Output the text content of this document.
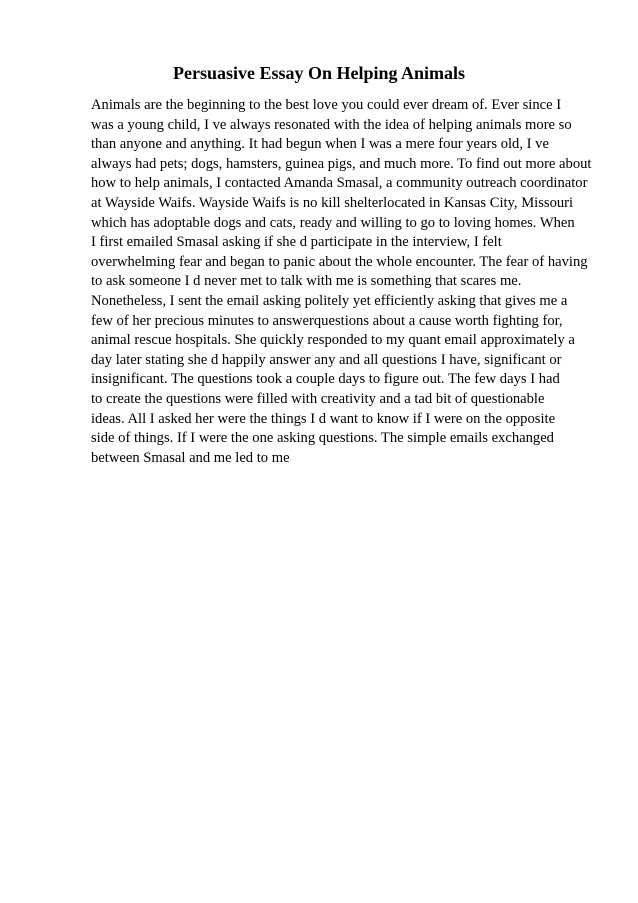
Persuasive Essay On Helping Animals
Animals are the beginning to the best love you could ever dream of. Ever since I
was a young child, I ve always resonated with the idea of helping animals more so
than anyone and anything. It had begun when I was a mere four years old, I ve
always had pets; dogs, hamsters, guinea pigs, and much more. To find out more about
how to help animals, I contacted Amanda Smasal, a community outreach coordinator
at Wayside Waifs. Wayside Waifs is no kill shelterlocated in Kansas City, Missouri
which has adoptable dogs and cats, ready and willing to go to loving homes. When
I first emailed Smasal asking if she d participate in the interview, I felt
overwhelming fear and began to panic about the whole encounter. The fear of having
to ask someone I d never met to talk with me is something that scares me.
Nonetheless, I sent the email asking politely yet efficiently asking that gives me a
few of her precious minutes to answerquestions about a cause worth fighting for,
animal rescue hospitals. She quickly responded to my quant email approximately a
day later stating she d happily answer any and all questions I have, significant or
insignificant. The questions took a couple days to figure out. The few days I had
to create the questions were filled with creativity and a tad bit of questionable
ideas. All I asked her were the things I d want to know if I were on the opposite
side of things. If I were the one asking questions. The simple emails exchanged
between Smasal and me led to me
